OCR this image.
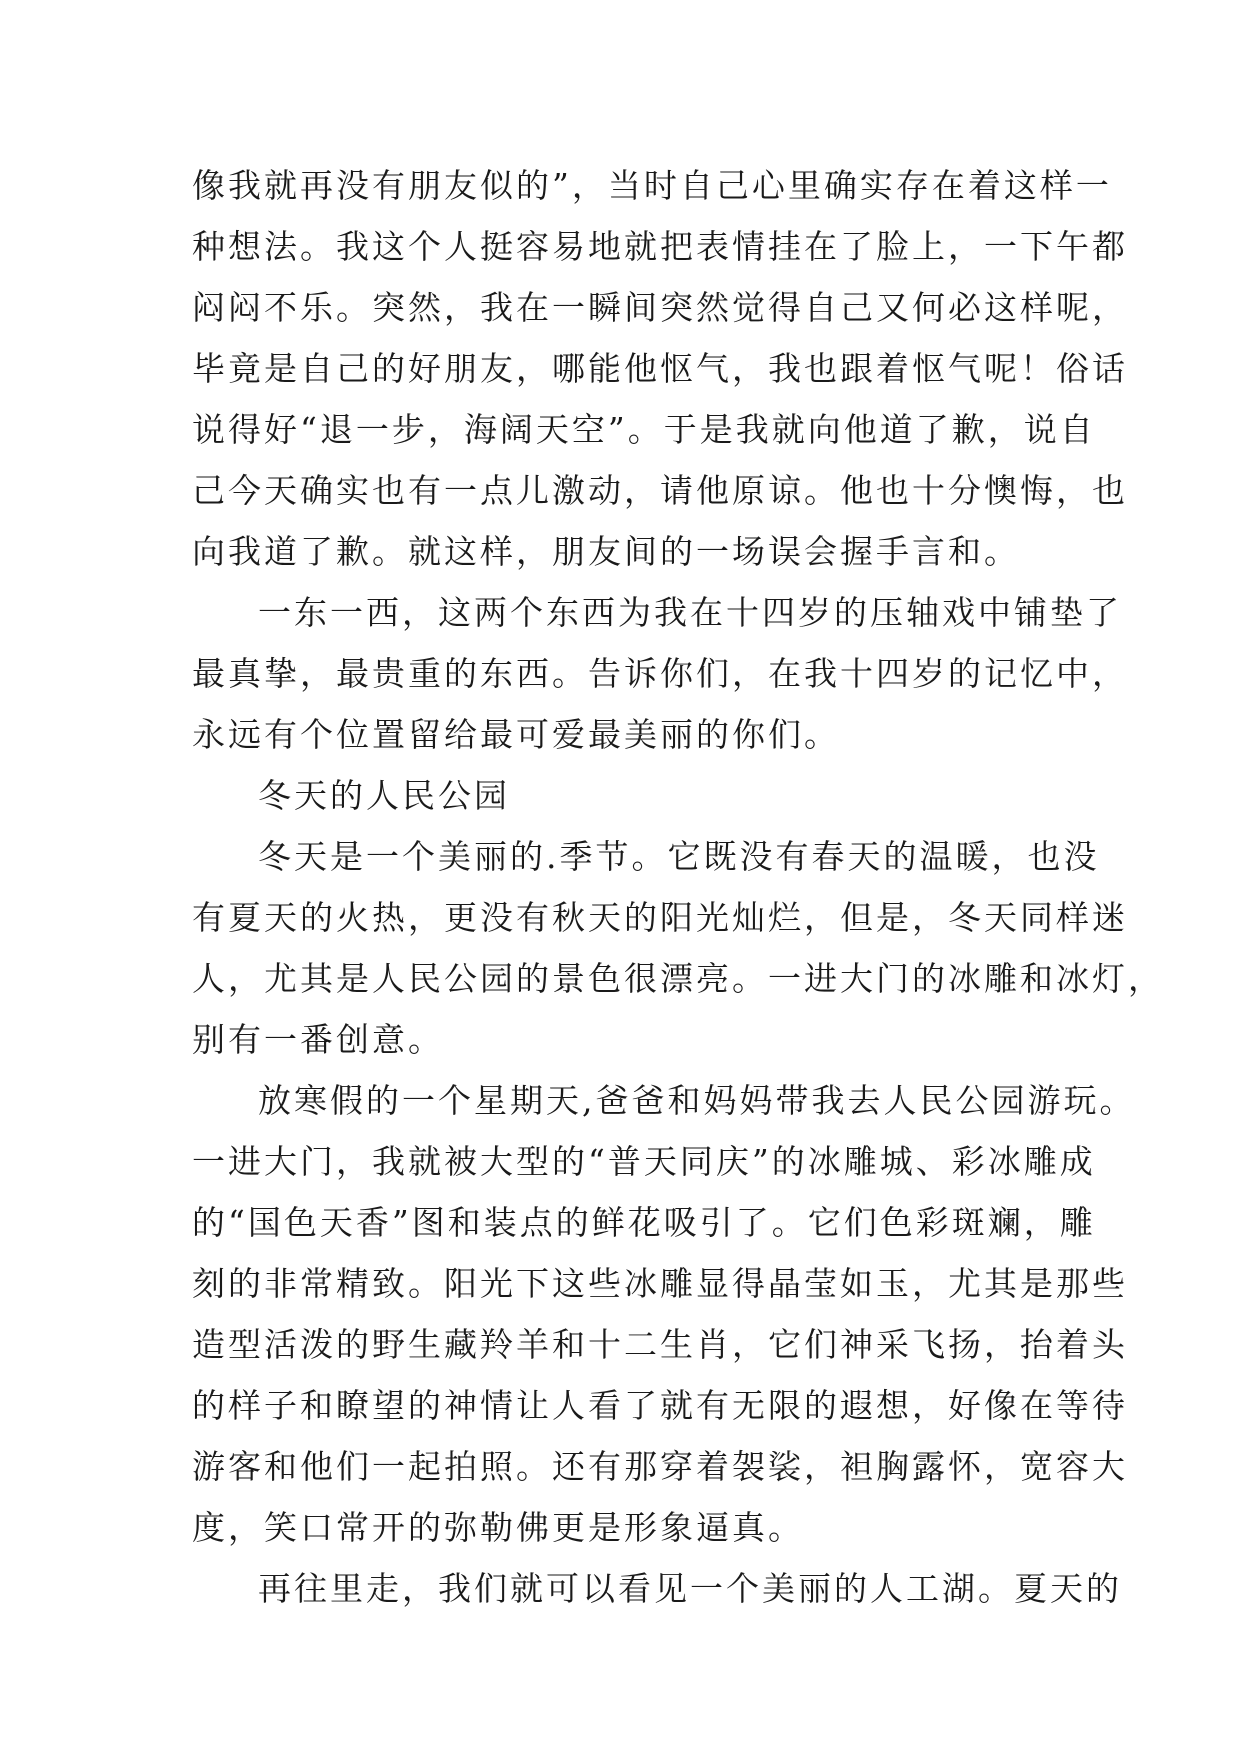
像我就再没有朋友似的”，当时自己心里确实存在着这样一
种想法。我这个人挺容易地就把表情挂在了脸上，一下午都
闷闷不乐。突然，我在一瞬间突然觉得自己又何必这样呢，
毕竟是自己的好朋友，哪能他怄气，我也跟着怄气呢！俗话
说得好“退一步，海阔天空”。于是我就向他道了歉，说自
己今天确实也有一点儿激动，请他原谅。他也十分懊悔，也
向我道了歉。就这样，朋友间的一场误会握手言和。
一东一西，这两个东西为我在十四岁的压轴戏中铺垫了
最真挚，最贵重的东西。告诉你们，在我十四岁的记忆中，
永远有个位置留给最可爱最美丽的你们。
冬天的人民公园
冬天是一个美丽的.季节。它既没有春天的温暖，也没
有夏天的火热，更没有秋天的阳光灿烂，但是，冬天同样迷
人，尤其是人民公园的景色很漂亮。一进大门的冰雕和冰灯，
别有一番创意。
放寒假的一个星期天,爸爸和妈妈带我去人民公园游玩。
一进大门，我就被大型的“普天同庆”的冰雕城、彩冰雕成
的“国色天香”图和装点的鲜花吸引了。它们色彩斑斓，雕
刻的非常精致。阳光下这些冰雕显得晶莹如玉，尤其是那些
造型活泼的野生藏羚羊和十二生肖，它们神采飞扬，抬着头
的样子和瞭望的神情让人看了就有无限的遐想，好像在等待
游客和他们一起拍照。还有那穿着袈裟，袒胸露怀，宽容大
度，笑口常开的弥勒佛更是形象逼真。
再往里走，我们就可以看见一个美丽的人工湖。夏天的
